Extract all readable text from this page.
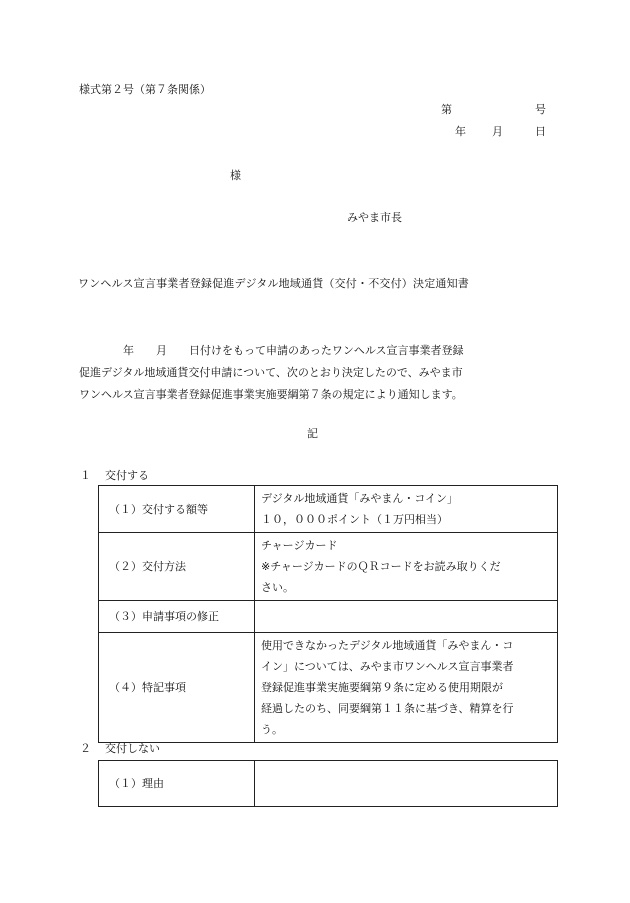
様式第２号（第７条関係）
第	号
年 月	日
様
みやま市長
ワンヘルス宣言事業者登録促進デジタル地域通貨（交付・不交付）決定通知書

　　　　年　　月　　日付けをもって申請のあったワンヘルス宣言事業者登録

促進デジタル地域通貨交付申請について、次のとおり決定したので、みやま市

ワンヘルス宣言事業者登録促進事業実施要綱第７条の規定により通知します。

記
１ 交付する
（１）交付する額等	デジタル地域通貨「みやまん・コイン」
１０，０００ポイント（１万円相当）

（２）交付方法	チャージカード
※チャージカードのＱＲコードをお読み取りくだ
さい。

（３）申請事項の修正	

（４）特記事項	使用できなかったデジタル地域通貨「みやまん・コ
イン」については、みやま市ワンヘルス宣言事業者
登録促進事業実施要綱第９条に定める使用期限が
経過したのち、同要綱第１１条に基づき、精算を行
う。
２ 交付しない
（１）理由	
